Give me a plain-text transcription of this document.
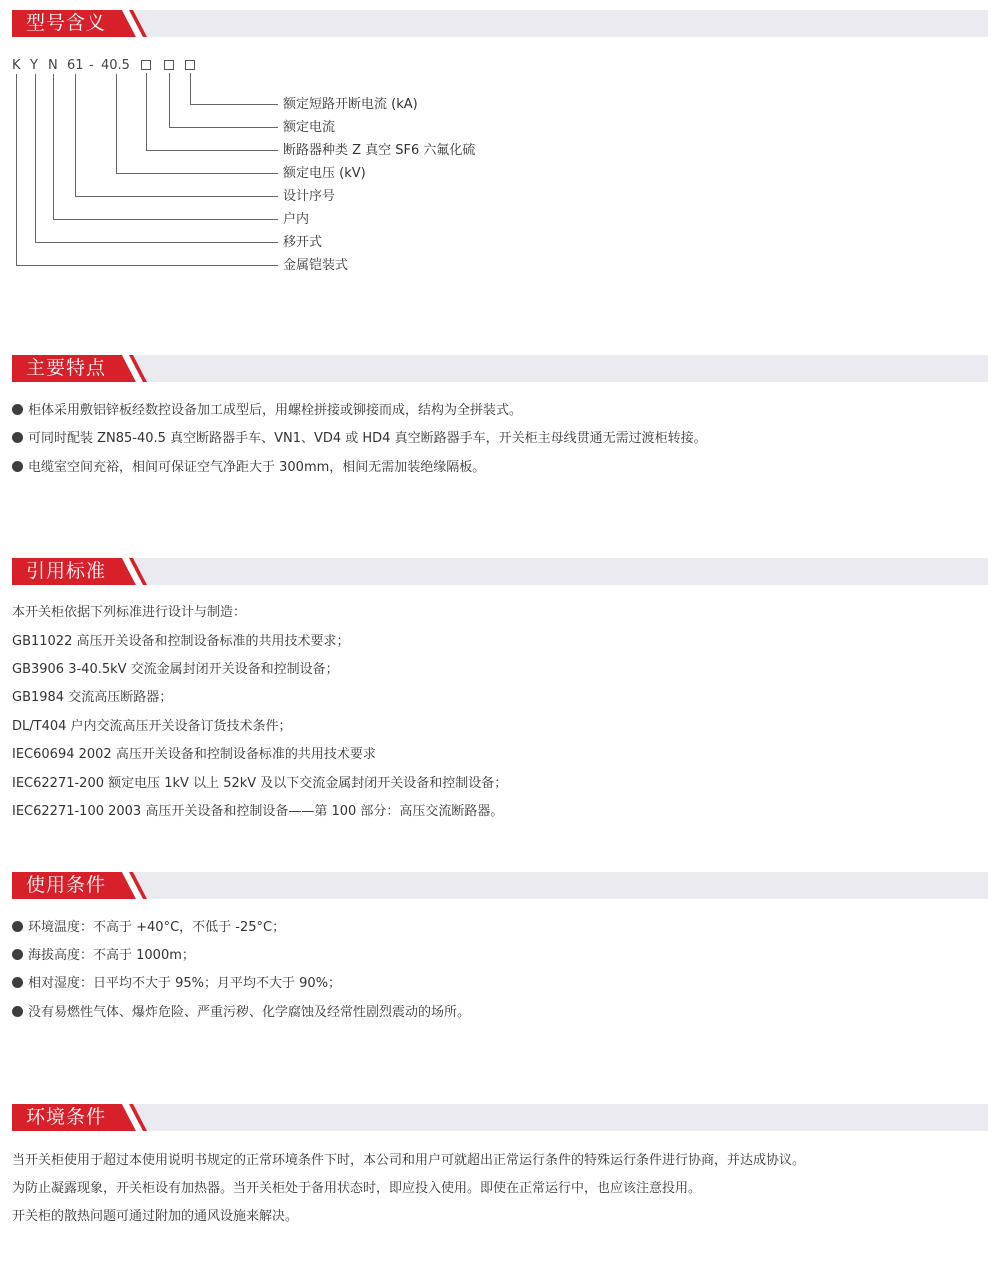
型号含义
K Y N 61 - 40.5
额定短路开断电流 (kA)
额定电流
断路器种类 Z 真空 SF6 六氟化硫
额定电压 (kV)
设计序号
户内
移开式
金属铠装式
主要特点
柜体采用敷铝锌板经数控设备加工成型后，用螺栓拼接或铆接而成，结构为全拼装式。
可同时配装 ZN85-40.5 真空断路器手车、VN1、VD4 或 HD4 真空断路器手车，开关柜主母线贯通无需过渡柜转接。
电缆室空间充裕，相间可保证空气净距大于 300mm，相间无需加装绝缘隔板。
引用标准
本开关柜依据下列标准进行设计与制造：
GB11022 高压开关设备和控制设备标准的共用技术要求；
GB3906 3-40.5kV 交流金属封闭开关设备和控制设备；
GB1984 交流高压断路器；
DL/T404 户内交流高压开关设备订货技术条件；
IEC60694 2002 高压开关设备和控制设备标准的共用技术要求
IEC62271-200 额定电压 1kV 以上 52kV 及以下交流金属封闭开关设备和控制设备；
IEC62271-100 2003 高压开关设备和控制设备——第 100 部分：高压交流断路器。
使用条件
环境温度：不高于 +40°C，不低于 -25°C；
海拔高度：不高于 1000m；
相对湿度：日平均不大于 95%；月平均不大于 90%；
没有易燃性气体、爆炸危险、严重污秽、化学腐蚀及经常性剧烈震动的场所。
环境条件
当开关柜使用于超过本使用说明书规定的正常环境条件下时，本公司和用户可就超出正常运行条件的特殊运行条件进行协商，并达成协议。
为防止凝露现象，开关柜设有加热器。当开关柜处于备用状态时，即应投入使用。即使在正常运行中，也应该注意投用。
开关柜的散热问题可通过附加的通风设施来解决。
